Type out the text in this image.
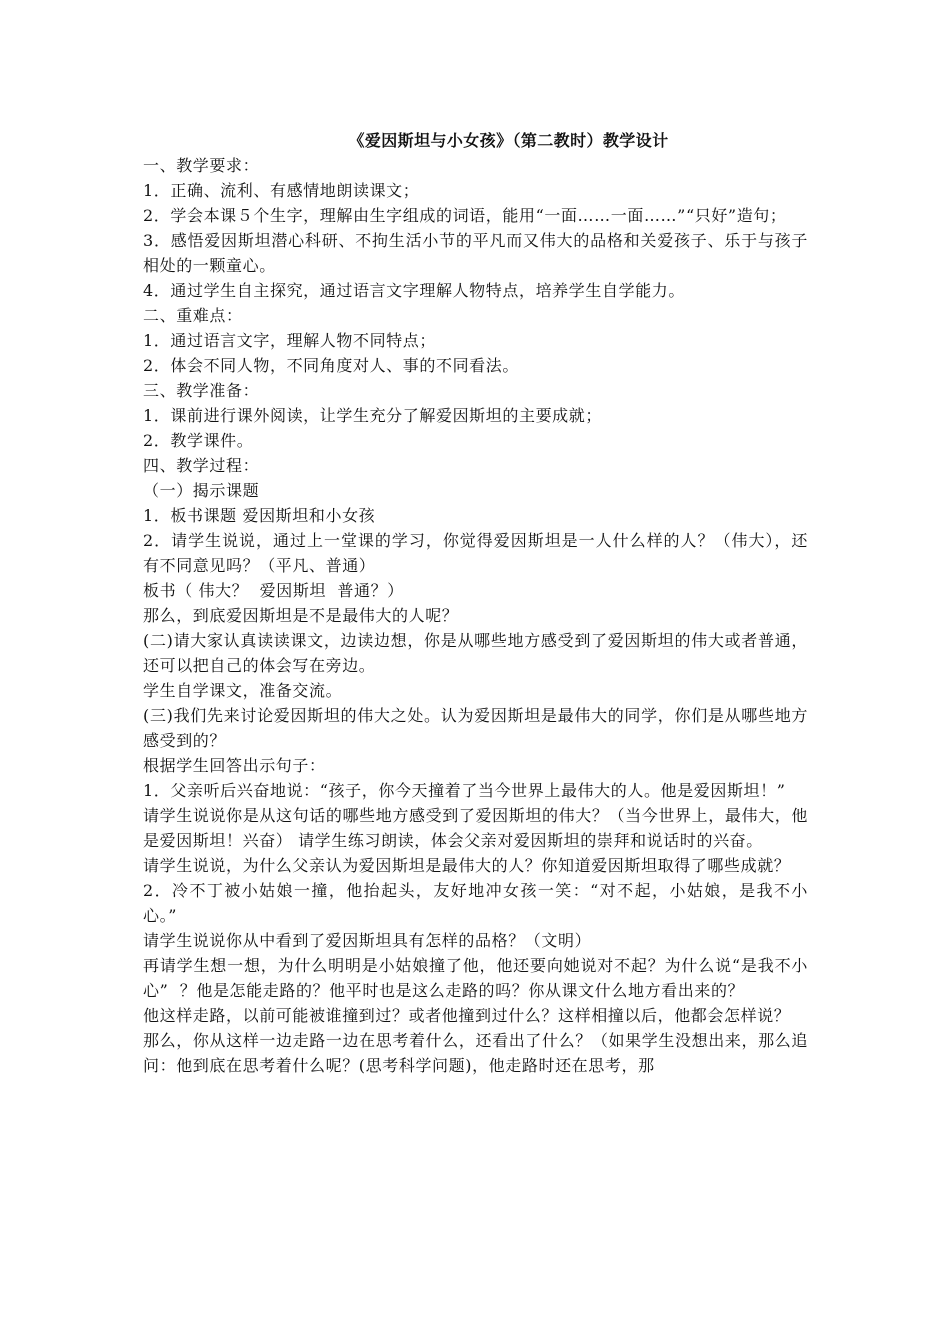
《爱因斯坦与小女孩》（第二教时）教学设计

一、教学要求：

1．正确、流利、有感情地朗读课文；

2．学会本课５个生字，理解由生字组成的词语，能用“一面……一面……”“只好”造句；

3．感悟爱因斯坦潜心科研、不拘生活小节的平凡而又伟大的品格和关爱孩子、乐于与孩子相处的一颗童心。

4．通过学生自主探究，通过语言文字理解人物特点，培养学生自学能力。

二、重难点：

1．通过语言文字，理解人物不同特点；

2．体会不同人物，不同角度对人、事的不同看法。

三、教学准备：

1．课前进行课外阅读，让学生充分了解爱因斯坦的主要成就；

2．教学课件。

四、教学过程：

（一）揭示课题

1．板书课题 爱因斯坦和小女孩

2．请学生说说，通过上一堂课的学习，你觉得爱因斯坦是一人什么样的人？（伟大），还有不同意见吗？（平凡、普通）

板书（ 伟大？  爱因斯坦  普通？）

那么，到底爱因斯坦是不是最伟大的人呢？

(二)请大家认真读读课文，边读边想，你是从哪些地方感受到了爱因斯坦的伟大或者普通，还可以把自己的体会写在旁边。

学生自学课文，准备交流。

(三)我们先来讨论爱因斯坦的伟大之处。认为爱因斯坦是最伟大的同学，你们是从哪些地方感受到的？

根据学生回答出示句子：

1．父亲听后兴奋地说：“孩子，你今天撞着了当今世界上最伟大的人。他是爱因斯坦！”

请学生说说你是从这句话的哪些地方感受到了爱因斯坦的伟大？（当今世界上，最伟大，他是爱因斯坦！兴奋） 请学生练习朗读，体会父亲对爱因斯坦的崇拜和说话时的兴奋。

请学生说说，为什么父亲认为爱因斯坦是最伟大的人？你知道爱因斯坦取得了哪些成就？

2．冷不丁被小姑娘一撞，他抬起头，友好地冲女孩一笑：“对不起，小姑娘，是我不小心。”

请学生说说你从中看到了爱因斯坦具有怎样的品格？（文明）

再请学生想一想，为什么明明是小姑娘撞了他，他还要向她说对不起？为什么说“是我不小心”  ？他是怎能走路的？他平时也是这么走路的吗？你从课文什么地方看出来的？

他这样走路，以前可能被谁撞到过？或者他撞到过什么？这样相撞以后，他都会怎样说？

那么，你从这样一边走路一边在思考着什么，还看出了什么？（如果学生没想出来，那么追问：他到底在思考着什么呢？(思考科学问题)，他走路时还在思考，那
